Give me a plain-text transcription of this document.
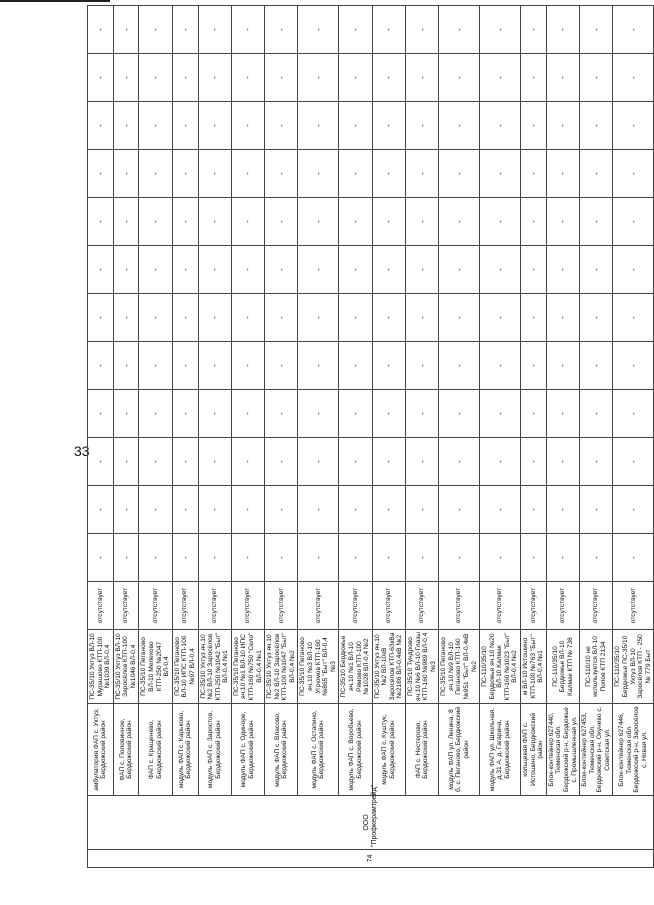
33
74	ООО "Профкерамтрейд"	амбулатория ФАП с. Уктуз, Бердюжский район	ПС-35/10 Уктуз ВЛ-10 Мурашово КТП-100 №1039 ВЛ-0,4	отсутствует	-	-	-	-	-	-	-	-	-	-	-	-
		ФАП с. Половинное, Бердюжский район	ПС-35/10 Уктуз ВЛ-10 Заросёлов КТП-100 №1046 ВЛ-0,4	отсутствует	-	-	-	-	-	-	-	-	-	-	-	-
		ФАП с. Кращенево, Бердюжский район	ПС-35/10 Пеганово ВЛ-10 Мелехово КТП-250 №2047 ВЛ-0,4	отсутствует	-	-	-	-	-	-	-	-	-	-	-	-
		модуль ФАП с. Карьково, Бердюжский район	ПС-35/10 Пеганово ВЛ-10 ИПС КТП-100 №97 ВЛ-0,4	отсутствует	-	-	-	-	-	-	-	-	-	-	-	-
		модуль ФАП с. Заростов, Бердюжский район	ПС-35/10 Уктуз яч.10 №2 ВЛ-10 Заросёлов КТП-250 №1042 "Быт" ВЛ-0,4 №1	отсутствует	-	-	-	-	-	-	-	-	-	-	-	-
		модуль ФАП с. Одиноре, Бердюжский район	ПС-35/10 Пеганово яч.10 №1 ВЛ-10 ИПС КТП-160 №750 "Село" ВЛ-0,4 №1	отсутствует	-	-	-	-	-	-	-	-	-	-	-	-
		модуль ФАП с. Власово, Бердюжский район	ПС-35/10 Уктуз яч.10 №2 ВЛ-10 Заросёлов КТП-100 №1047 "Быт" ВЛ-0,4 №2	отсутствует	-	-	-	-	-	-	-	-	-	-	-	-
		модуль ФАП с. Остапино, Бердюжский район	ПС-35/10 Пеганово яч.10 №3 ВЛ-10 Угрюмов КТП-160 №865 "Быт" ВЛ-0,4 №3	отсутствует	-	-	-	-	-	-	-	-	-	-	-	-
		модуль ФАП с. Воробьево, Бердюжский район	ПС-35/10 Бердюжье яч.10 №1 ВЛ-10 Рямово КТП-100 №1028 ВЛ-0,4 №2	отсутствует	-	-	-	-	-	-	-	-	-	-	-	-
		модуль ФАП с. Куштук, Бердюжский район	ПС-35/10 Уктуз яч.10 №2 ВЛ-10кВ Заросёлов КТП-63кВа №2186 ВЛ-0,4кВ №2	отсутствует	-	-	-	-	-	-	-	-	-	-	-	-
		ФАП с. Нестерово, Бердюжский район	ПС-35/10 Тундрово яч.10 №6 ВЛ-10 Глазы КТП-160 №989 ВЛ-0,4 №3	отсутствует	-	-	-	-	-	-	-	-	-	-	-	-
		модуль ФАП ул. Ленина, 8 б, с. Пеганово, Бердюжский район	ПС-35/10 Пеганово яч.10 №9 ВЛ-10 Пеганово КТП-160 №951 "Быт" ВЛ-0,4кВ №2	отсутствует	-	-	-	-	-	-	-	-	-	-	-	-
		модуль ФАП ул. Школьная, д.31 А, д. Гагарина, Бердюжский район	ПС-110/35/10 Бердюжье яч.10 №20 ВЛ-10 Калмак КТП-160 №1023 "Быт" ВЛ-0,4 №2	отсутствует	-	-	-	-	-	-	-	-	-	-	-	-
		кольцевая ФАП с. Истошино, Бердюжский район	м ВЛ-10 Истошино КТП-100 №763 "Быт" ВЛ-0,4 №1	отсутствует	-	-	-	-	-	-	-	-	-	-	-	-
		Блок-контейнер 627440, Тюменская обл. Бердюжский р-н, Бердюжье с. Промышленная ул.	ПС-110/35/10 Бердюжье ВЛ-10 Калмак КТП № 738	отсутствует	-	-	-	-	-	-	-	-	-	-	-	-
		Блок-контейнер 627453, Тюменская обл. Бердюжский р-н, Окунево с. Советская ул.	ПС-110/10 не используется ВЛ-10 Попов КТП 2134	отсутствует	-	-	-	-	-	-	-	-	-	-	-	-
		Блок-контейнер 627446, Тюменская обл. Бердюжский р-н, Заросёлов с. Новая ул.	ПС-110/35/10 Бердюжье ПС-35/10 Уктуз ВЛ-10 Заросёлов КТП - 250 № 779 Быт	отсутствует	-	-	-	-	-	-	-	-	-	-	-	-
